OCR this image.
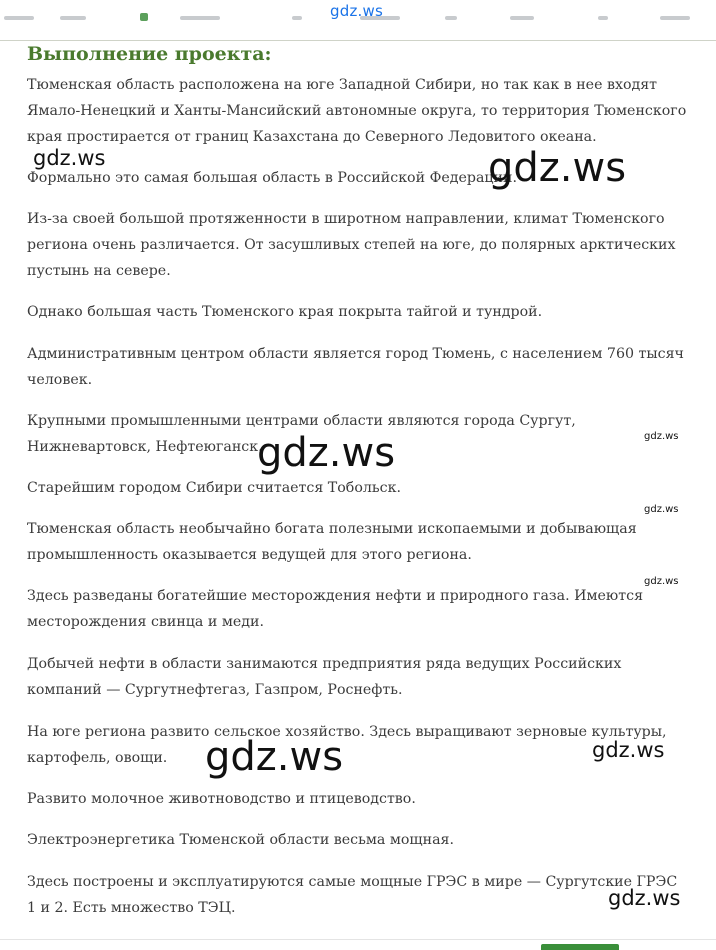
gdz.ws
Выполнение проекта:

Тюменская область расположена на юге Западной Сибири, но так как в нее входят Ямало-Ненецкий и Ханты-Мансийский автономные округа, то территория Тюменского края простирается от границ Казахстана до Северного Ледовитого океана.

Формально это самая большая область в Российской Федерации.

Из-за своей большой протяженности в широтном направлении, климат Тюменского региона очень различается. От засушливых степей на юге, до полярных арктических пустынь на севере.

Однако большая часть Тюменского края покрыта тайгой и тундрой.

Административным центром области является город Тюмень, с населением 760 тысяч человек.

Крупными промышленными центрами области являются города Сургут, Нижневартовск, Нефтеюганск.

Старейшим городом Сибири считается Тобольск.

Тюменская область необычайно богата полезными ископаемыми и добывающая промышленность оказывается ведущей для этого региона.

Здесь разведаны богатейшие месторождения нефти и природного газа. Имеются месторождения свинца и меди.

Добычей нефти в области занимаются предприятия ряда ведущих Российских компаний — Сургутнефтегаз, Газпром, Роснефть.

На юге региона развито сельское хозяйство. Здесь выращивают зерновые культуры, картофель, овощи.

Развито молочное животноводство и птицеводство.

Электроэнергетика Тюменской области весьма мощная.

Здесь построены и эксплуатируются самые мощные ГРЭС в мире — Сургутские ГРЭС 1 и 2. Есть множество ТЭЦ.

gdz.ws	gdz.ws
gdz.ws	gdz.ws
gdz.ws
gdz.ws
gdz.ws	gdz.ws
gdz.ws
